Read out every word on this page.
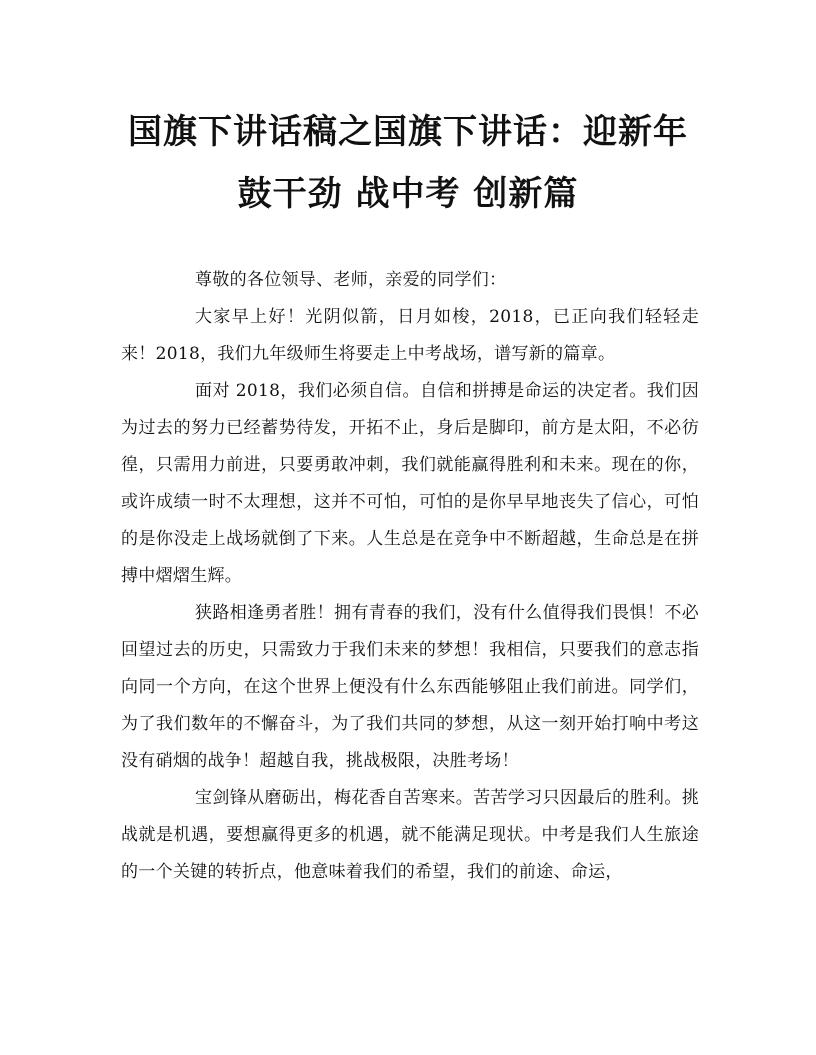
国旗下讲话稿之国旗下讲话：迎新年
鼓干劲 战中考 创新篇

尊敬的各位领导、老师，亲爱的同学们：

大家早上好！光阴似箭，日月如梭，2018，已正向我们轻轻走来！2018，我们九年级师生将要走上中考战场，谱写新的篇章。

面对 2018，我们必须自信。自信和拼搏是命运的决定者。我们因为过去的努力已经蓄势待发，开拓不止，身后是脚印，前方是太阳，不必彷徨，只需用力前进，只要勇敢冲刺，我们就能赢得胜利和未来。现在的你，或许成绩一时不太理想，这并不可怕，可怕的是你早早地丧失了信心，可怕的是你没走上战场就倒了下来。人生总是在竞争中不断超越，生命总是在拼搏中熠熠生辉。

狭路相逢勇者胜！拥有青春的我们，没有什么值得我们畏惧！不必回望过去的历史，只需致力于我们未来的梦想！我相信，只要我们的意志指向同一个方向，在这个世界上便没有什么东西能够阻止我们前进。同学们，为了我们数年的不懈奋斗，为了我们共同的梦想，从这一刻开始打响中考这没有硝烟的战争！超越自我，挑战极限，决胜考场！

宝剑锋从磨砺出，梅花香自苦寒来。苦苦学习只因最后的胜利。挑战就是机遇，要想赢得更多的机遇，就不能满足现状。中考是我们人生旅途的一个关键的转折点，他意味着我们的希望，我们的前途、命运，
